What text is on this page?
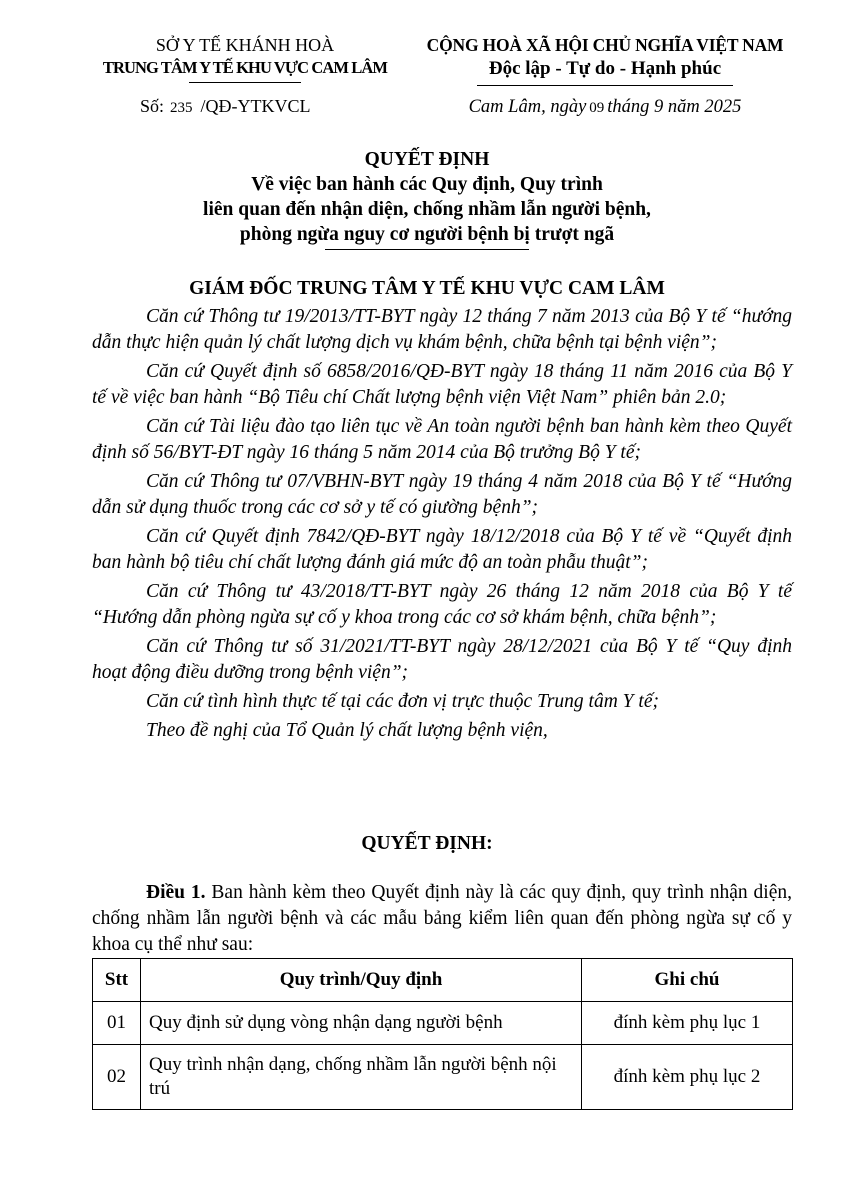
SỞ Y TẾ KHÁNH HOÀ
TRUNG TÂM Y TẾ KHU VỰC CAM LÂM
Số: 235 /QĐ-YTKVCL
CỘNG HOÀ XÃ HỘI CHỦ NGHĨA VIỆT NAM
Độc lập - Tự do - Hạnh phúc
Cam Lâm, ngày 09 tháng 9 năm 2025
QUYẾT ĐỊNH
Về việc ban hành các Quy định, Quy trình
liên quan đến nhận diện, chống nhầm lẫn người bệnh,
phòng ngừa nguy cơ người bệnh bị trượt ngã
GIÁM ĐỐC TRUNG TÂM Y TẾ KHU VỰC CAM LÂM

Căn cứ Thông tư 19/2013/TT-BYT ngày 12 tháng 7 năm 2013 của Bộ Y tế “hướng dẫn thực hiện quản lý chất lượng dịch vụ khám bệnh, chữa bệnh tại bệnh viện”;

Căn cứ Quyết định số 6858/2016/QĐ-BYT ngày 18 tháng 11 năm 2016 của Bộ Y tế về việc ban hành “Bộ Tiêu chí Chất lượng bệnh viện Việt Nam” phiên bản 2.0;

Căn cứ Tài liệu đào tạo liên tục về An toàn người bệnh ban hành kèm theo Quyết định số 56/BYT-ĐT ngày 16 tháng 5 năm 2014 của Bộ trưởng Bộ Y tế;

Căn cứ Thông tư 07/VBHN-BYT ngày 19 tháng 4 năm 2018 của Bộ Y tế “Hướng dẫn sử dụng thuốc trong các cơ sở y tế có giường bệnh”;

Căn cứ Quyết định 7842/QĐ-BYT ngày 18/12/2018 của Bộ Y tế về “Quyết định ban hành bộ tiêu chí chất lượng đánh giá mức độ an toàn phẫu thuật”;

Căn cứ Thông tư 43/2018/TT-BYT ngày 26 tháng 12 năm 2018 của Bộ Y tế “Hướng dẫn phòng ngừa sự cố y khoa trong các cơ sở khám bệnh, chữa bệnh”;

Căn cứ Thông tư số 31/2021/TT-BYT ngày 28/12/2021 của Bộ Y tế “Quy định hoạt động điều dưỡng trong bệnh viện”;

Căn cứ tình hình thực tế tại các đơn vị trực thuộc Trung tâm Y tế;

Theo đề nghị của Tổ Quản lý chất lượng bệnh viện,

QUYẾT ĐỊNH:

Điều 1. Ban hành kèm theo Quyết định này là các quy định, quy trình nhận diện, chống nhầm lẫn người bệnh và các mẫu bảng kiểm liên quan đến phòng ngừa sự cố y khoa cụ thể như sau:

Stt	Quy trình/Quy định	Ghi chú
01	Quy định sử dụng vòng nhận dạng người bệnh	đính kèm phụ lục 1
02	Quy trình nhận dạng, chống nhầm lẫn người bệnh nội trú	đính kèm phụ lục 2
